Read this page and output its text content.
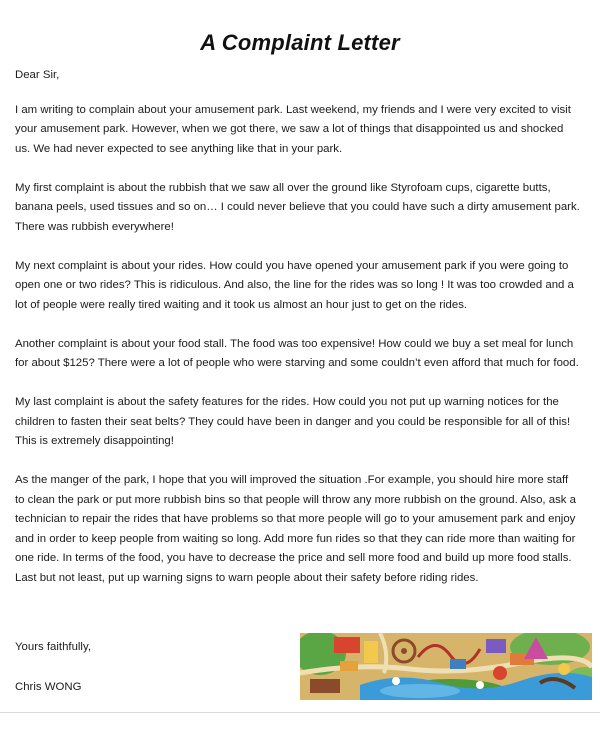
A Complaint Letter

Dear Sir,

I am writing to complain about your amusement park. Last weekend, my friends and I were very excited to visit your amusement park. However, when we got there, we saw a lot of things that disappointed us and shocked us. We had never expected to see anything like that in your park.

My first complaint is about the rubbish that we saw all over the ground like Styrofoam cups, cigarette butts, banana peels, used tissues and so on… I could never believe that you could have such a dirty amusement park. There was rubbish everywhere!

My next complaint is about your rides. How could you have opened your amusement park if you were going to open one or two rides? This is ridiculous. And also, the line for the rides was so long ! It was too crowded and a lot of people were really tired waiting and it took us almost an hour just to get on the rides.

Another complaint is about your food stall. The food was too expensive! How could we buy a set meal for lunch for about $125? There were a lot of people who were starving and some couldn’t even afford that much for food.

My last complaint is about the safety features for the rides. How could you not put up warning notices for the children to fasten their seat belts? They could have been in danger and you could be responsible for all of this! This is extremely disappointing!

As the manger of the park, I hope that you will improved the situation .For example, you should hire more staff to clean the park or put more rubbish bins so that people will throw any more rubbish on the ground. Also, ask a technician to repair the rides that have problems so that more people will go to your amusement park and enjoy and in order to keep people from waiting so long. Add more fun rides so that they can ride more than waiting for one ride. In terms of the food, you have to decrease the price and sell more food and build up more food stalls. Last but not least, put up warning signs to warn people about their safety before riding rides.

Yours faithfully,
Chris WONG
